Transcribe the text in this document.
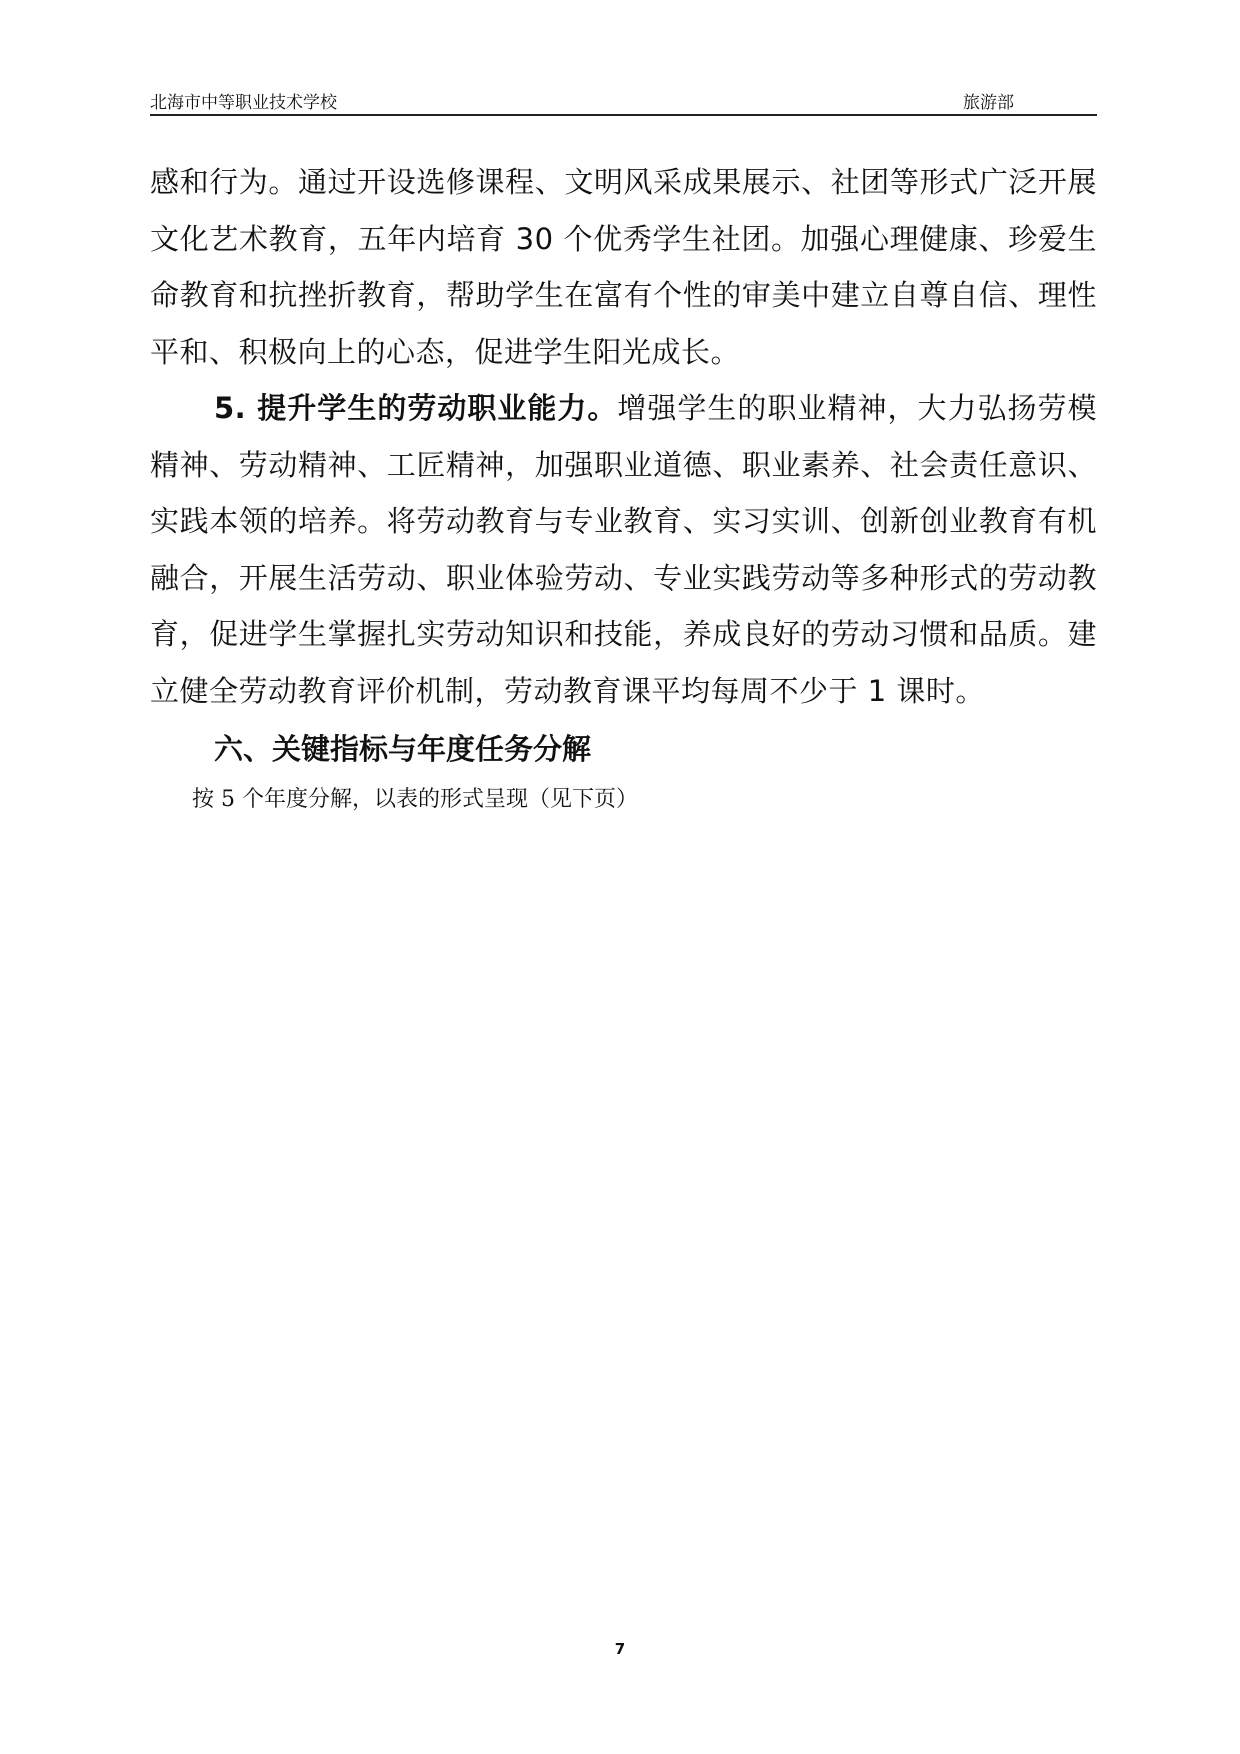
北海市中等职业技术学校	旅游部

感和行为。通过开设选修课程、文明风采成果展示、社团等形式广泛开展文化艺术教育，五年内培育 30 个优秀学生社团。加强心理健康、珍爱生命教育和抗挫折教育，帮助学生在富有个性的审美中建立自尊自信、理性平和、积极向上的心态，促进学生阳光成长。

5. 提升学生的劳动职业能力。增强学生的职业精神，大力弘扬劳模精神、劳动精神、工匠精神，加强职业道德、职业素养、社会责任意识、实践本领的培养。将劳动教育与专业教育、实习实训、创新创业教育有机融合，开展生活劳动、职业体验劳动、专业实践劳动等多种形式的劳动教育，促进学生掌握扎实劳动知识和技能，养成良好的劳动习惯和品质。建立健全劳动教育评价机制，劳动教育课平均每周不少于 1 课时。

六、关键指标与年度任务分解

按 5 个年度分解，以表的形式呈现（见下页）

7
